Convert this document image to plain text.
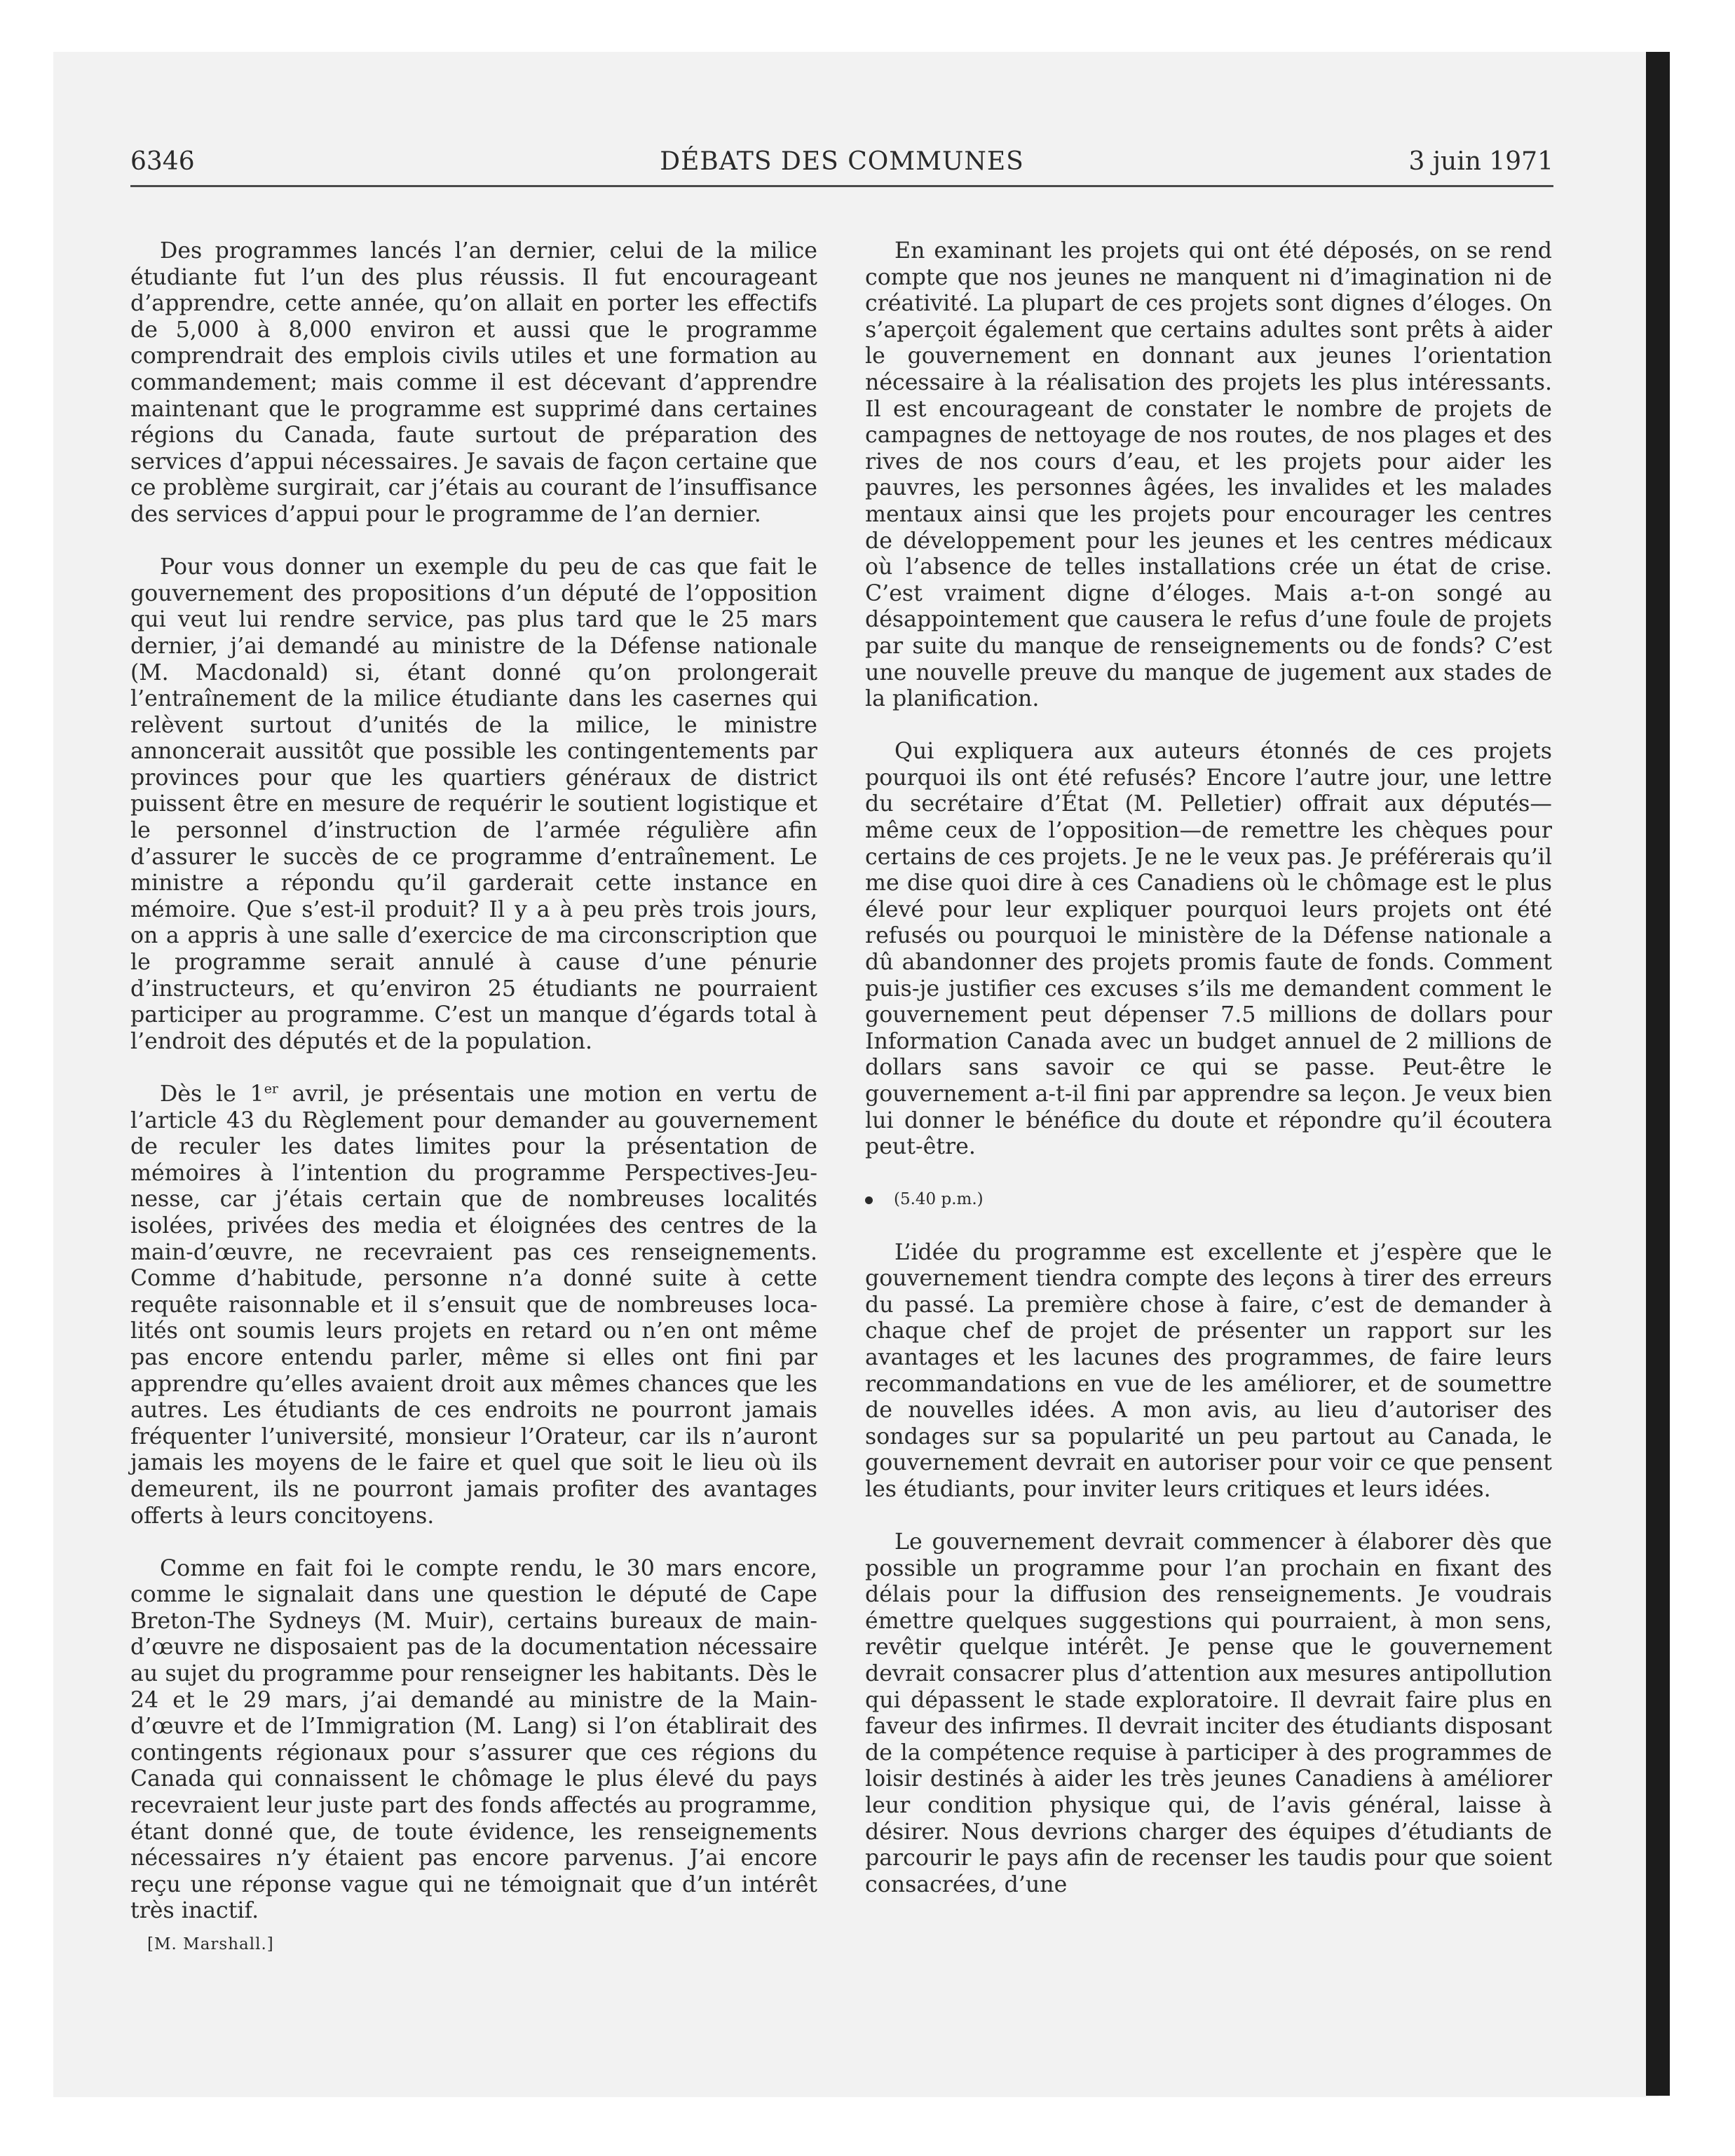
6346	DÉBATS DES COMMUNES	3 juin 1971

Des programmes lancés l’an dernier, celui de la milice étudiante fut l’un des plus réussis. Il fut encourageant d’apprendre, cette année, qu’on allait en porter les effectifs de 5,000 à 8,000 environ et aussi que le programme comprendrait des emplois civils utiles et une formation au commandement; mais comme il est décevant d’apprendre maintenant que le programme est supprimé dans certaines régions du Canada, faute surtout de préparation des services d’appui nécessaires. Je savais de façon certaine que ce problème surgirait, car j’étais au courant de l’insuffisance des services d’appui pour le programme de l’an dernier.

Pour vous donner un exemple du peu de cas que fait le gouvernement des propositions d’un député de l’opposition qui veut lui rendre service, pas plus tard que le 25 mars dernier, j’ai demandé au ministre de la Défense nationale (M. Macdonald) si, étant donné qu’on prolongerait l’entraînement de la milice étudiante dans les casernes qui relèvent surtout d’unités de la milice, le ministre annoncerait aussitôt que possible les contingentements par provinces pour que les quartiers généraux de district puissent être en mesure de requérir le soutient logistique et le personnel d’instruction de l’armée régulière afin d’assurer le succès de ce programme d’entraînement. Le ministre a répondu qu’il garderait cette instance en mémoire. Que s’est-il produit? Il y a à peu près trois jours, on a appris à une salle d’exercice de ma circonscription que le programme serait annulé à cause d’une pénurie d’instructeurs, et qu’environ 25 étudiants ne pourraient participer au programme. C’est un manque d’égards total à l’endroit des députés et de la population.

Dès le 1er avril, je présentais une motion en vertu de l’article 43 du Règlement pour demander au gouvernement de reculer les dates limites pour la présentation de mémoires à l’intention du programme Perspectives-Jeunesse, car j’étais certain que de nombreuses localités isolées, privées des media et éloignées des centres de la main-d’œuvre, ne recevraient pas ces renseignements. Comme d’habitude, personne n’a donné suite à cette requête raisonnable et il s’ensuit que de nombreuses localités ont soumis leurs projets en retard ou n’en ont même pas encore entendu parler, même si elles ont fini par apprendre qu’elles avaient droit aux mêmes chances que les autres. Les étudiants de ces endroits ne pourront jamais fréquenter l’université, monsieur l’Orateur, car ils n’auront jamais les moyens de le faire et quel que soit le lieu où ils demeurent, ils ne pourront jamais profiter des avantages offerts à leurs concitoyens.

Comme en fait foi le compte rendu, le 30 mars encore, comme le signalait dans une question le député de Cape Breton-The Sydneys (M. Muir), certains bureaux de main-d’œuvre ne disposaient pas de la documentation nécessaire au sujet du programme pour renseigner les habitants. Dès le 24 et le 29 mars, j’ai demandé au ministre de la Main-d’œuvre et de l’Immigration (M. Lang) si l’on établirait des contingents régionaux pour s’assurer que ces régions du Canada qui connaissent le chômage le plus élevé du pays recevraient leur juste part des fonds affectés au programme, étant donné que, de toute évidence, les renseignements nécessaires n’y étaient pas encore parvenus. J’ai encore reçu une réponse vague qui ne témoignait que d’un intérêt très inactif.

[M. Marshall.]

En examinant les projets qui ont été déposés, on se rend compte que nos jeunes ne manquent ni d’imagination ni de créativité. La plupart de ces projets sont dignes d’éloges. On s’aperçoit également que certains adultes sont prêts à aider le gouvernement en donnant aux jeunes l’orientation nécessaire à la réalisation des projets les plus intéressants. Il est encourageant de constater le nombre de projets de campagnes de nettoyage de nos routes, de nos plages et des rives de nos cours d’eau, et les projets pour aider les pauvres, les personnes âgées, les invalides et les malades mentaux ainsi que les projets pour encourager les centres de développement pour les jeunes et les centres médicaux où l’absence de telles installations crée un état de crise. C’est vraiment digne d’éloges. Mais a-t-on songé au désappointement que causera le refus d’une foule de projets par suite du manque de renseignements ou de fonds? C’est une nouvelle preuve du manque de jugement aux stades de la planification.

Qui expliquera aux auteurs étonnés de ces projets pourquoi ils ont été refusés? Encore l’autre jour, une lettre du secrétaire d’État (M. Pelletier) offrait aux députés—même ceux de l’opposition—de remettre les chèques pour certains de ces projets. Je ne le veux pas. Je préférerais qu’il me dise quoi dire à ces Canadiens où le chômage est le plus élevé pour leur expliquer pourquoi leurs projets ont été refusés ou pourquoi le ministère de la Défense nationale a dû abandonner des projets promis faute de fonds. Comment puis-je justifier ces excuses s’ils me demandent comment le gouvernement peut dépenser 7.5 millions de dollars pour Information Canada avec un budget annuel de 2 millions de dollars sans savoir ce qui se passe. Peut-être le gouvernement a-t-il fini par apprendre sa leçon. Je veux bien lui donner le bénéfice du doute et répondre qu’il écoutera peut-être.

(5.40 p.m.)

L’idée du programme est excellente et j’espère que le gouvernement tiendra compte des leçons à tirer des erreurs du passé. La première chose à faire, c’est de demander à chaque chef de projet de présenter un rapport sur les avantages et les lacunes des programmes, de faire leurs recommandations en vue de les améliorer, et de soumettre de nouvelles idées. A mon avis, au lieu d’autoriser des sondages sur sa popularité un peu partout au Canada, le gouvernement devrait en autoriser pour voir ce que pensent les étudiants, pour inviter leurs critiques et leurs idées.

Le gouvernement devrait commencer à élaborer dès que possible un programme pour l’an prochain en fixant des délais pour la diffusion des renseignements. Je voudrais émettre quelques suggestions qui pourraient, à mon sens, revêtir quelque intérêt. Je pense que le gouvernement devrait consacrer plus d’attention aux mesures antipollution qui dépassent le stade exploratoire. Il devrait faire plus en faveur des infirmes. Il devrait inciter des étudiants disposant de la compétence requise à participer à des programmes de loisir destinés à aider les très jeunes Canadiens à améliorer leur condition physique qui, de l’avis général, laisse à désirer. Nous devrions charger des équipes d’étudiants de parcourir le pays afin de recenser les taudis pour que soient consacrées, d’une
